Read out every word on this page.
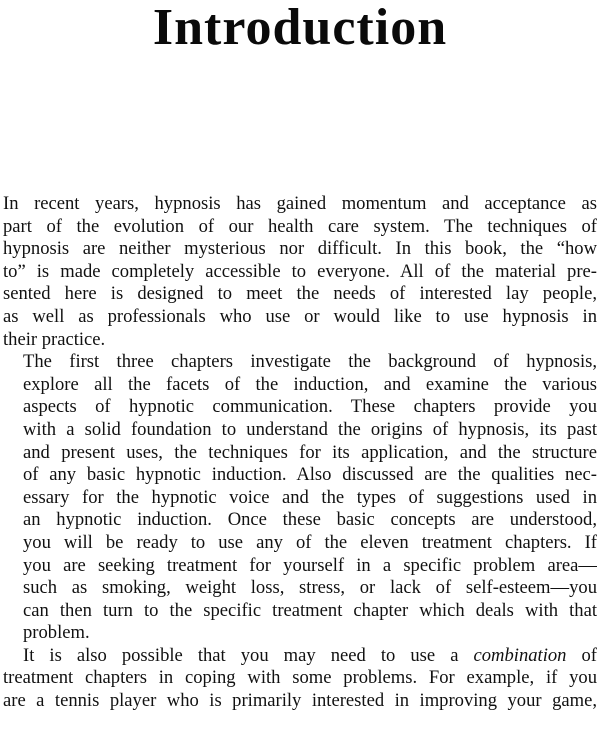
Introduction

In recent years, hypnosis has gained momentum and acceptance as
part of the evolution of our health care system. The techniques of
hypnosis are neither mysterious nor difficult. In this book, the “how
to” is made completely accessible to everyone. All of the material pre-
sented here is designed to meet the needs of interested lay people,
as well as professionals who use or would like to use hypnosis in
their practice.

The first three chapters investigate the background of hypnosis,
explore all the facets of the induction, and examine the various
aspects of hypnotic communication. These chapters provide you
with a solid foundation to understand the origins of hypnosis, its past
and present uses, the techniques for its application, and the structure
of any basic hypnotic induction. Also discussed are the qualities nec-
essary for the hypnotic voice and the types of suggestions used in
an hypnotic induction. Once these basic concepts are understood,
you will be ready to use any of the eleven treatment chapters. If
you are seeking treatment for yourself in a specific problem area—
such as smoking, weight loss, stress, or lack of self-esteem—you
can then turn to the specific treatment chapter which deals with that
problem.

It is also possible that you may need to use a combination of
treatment chapters in coping with some problems. For example, if you
are a tennis player who is primarily interested in improving your game,
